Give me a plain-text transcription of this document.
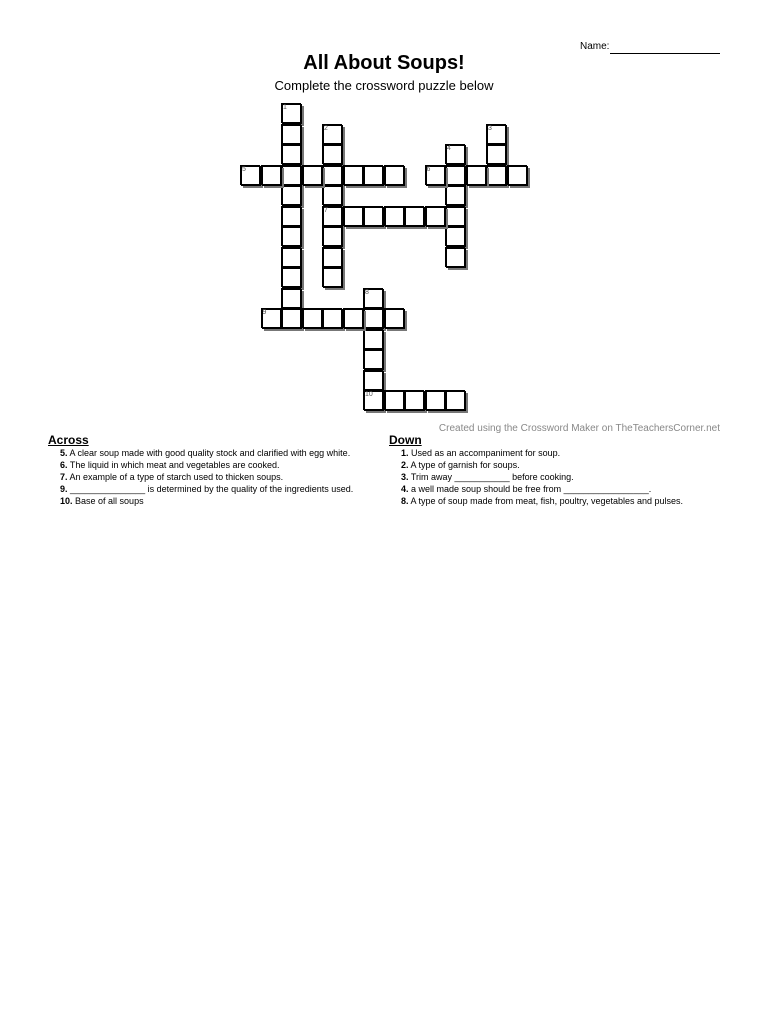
Name:
All About Soups!
Complete the crossword puzzle below
1
2
7
3
4
5	6
8
10
9
Created using the Crossword Maker on TheTeachersCorner.net
Across
5. A clear soup made with good quality stock and clarified with egg white.
6. The liquid in which meat and vegetables are cooked.
7. An example of a type of starch used to thicken soups.
9. _______________ is determined by the quality of the ingredients used.
10. Base of all soups
Down
1. Used as an accompaniment for soup.
2. A type of garnish for soups.
3. Trim away ___________ before cooking.
4. a well made soup should be free from _________________.
8. A type of soup made from meat, fish, poultry, vegetables and pulses.
